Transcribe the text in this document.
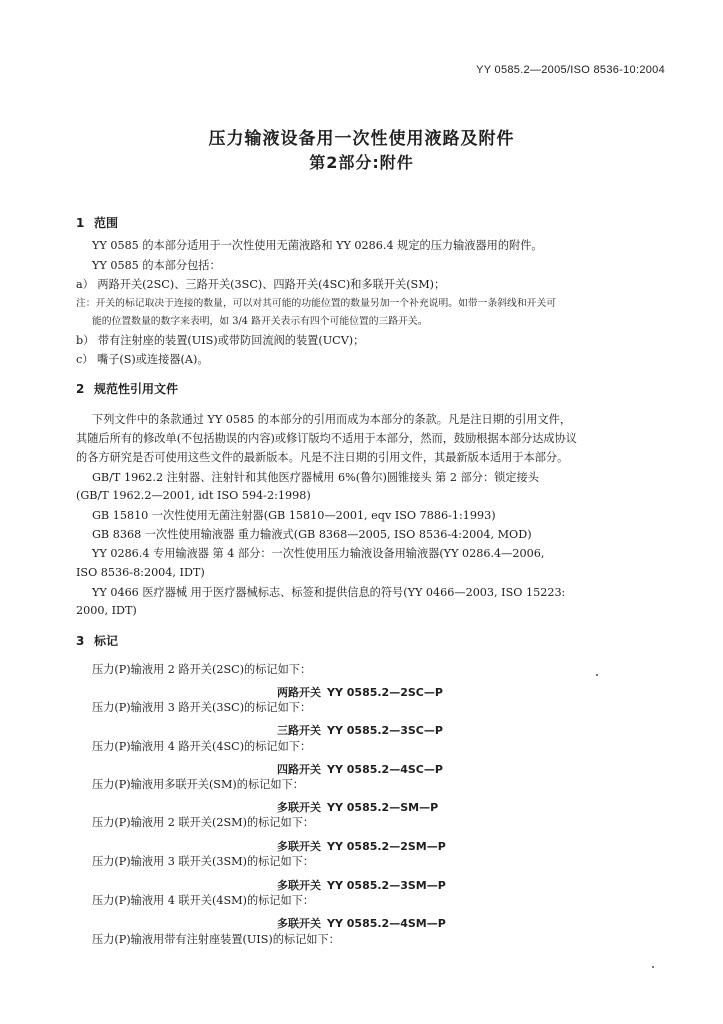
YY 0585.2—2005/ISO 8536-10:2004
压力输液设备用一次性使用液路及附件
第2部分:附件
1 范围
YY 0585 的本部分适用于一次性使用无菌液路和 YY 0286.4 规定的压力输液器用的附件。
YY 0585 的本部分包括：
a） 两路开关(2SC)、三路开关(3SC)、四路开关(4SC)和多联开关(SM)；
注：开关的标记取决于连接的数量，可以对其可能的功能位置的数量另加一个补充说明。如带一条斜线和开关可
能的位置数量的数字来表明，如 3/4 路开关表示有四个可能位置的三路开关。
b） 带有注射座的装置(UIS)或带防回流阀的装置(UCV)；
c） 嘴子(S)或连接器(A)。
2 规范性引用文件
下列文件中的条款通过 YY 0585 的本部分的引用而成为本部分的条款。凡是注日期的引用文件，
其随后所有的修改单(不包括勘误的内容)或修订版均不适用于本部分，然而，鼓励根据本部分达成协议
的各方研究是否可使用这些文件的最新版本。凡是不注日期的引用文件，其最新版本适用于本部分。
GB/T 1962.2 注射器、注射针和其他医疗器械用 6%(鲁尔)圆锥接头 第 2 部分：锁定接头
(GB/T 1962.2—2001, idt ISO 594-2:1998)
GB 15810 一次性使用无菌注射器(GB 15810—2001, eqv ISO 7886-1:1993)
GB 8368 一次性使用输液器 重力输液式(GB 8368—2005, ISO 8536-4:2004, MOD)
YY 0286.4 专用输液器 第 4 部分：一次性使用压力输液设备用输液器(YY 0286.4—2006,
ISO 8536-8:2004, IDT)
YY 0466 医疗器械 用于医疗器械标志、标签和提供信息的符号(YY 0466—2003, ISO 15223:
2000, IDT)
3 标记
压力(P)输液用 2 路开关(2SC)的标记如下：
两路开关 YY 0585.2—2SC—P
压力(P)输液用 3 路开关(3SC)的标记如下：
三路开关 YY 0585.2—3SC—P
压力(P)输液用 4 路开关(4SC)的标记如下：
四路开关 YY 0585.2—4SC—P
压力(P)输液用多联开关(SM)的标记如下：
多联开关 YY 0585.2—SM—P
压力(P)输液用 2 联开关(2SM)的标记如下：
多联开关 YY 0585.2—2SM—P
压力(P)输液用 3 联开关(3SM)的标记如下：
多联开关 YY 0585.2—3SM—P
压力(P)输液用 4 联开关(4SM)的标记如下：
多联开关 YY 0585.2—4SM—P
压力(P)输液用带有注射座装置(UIS)的标记如下：
